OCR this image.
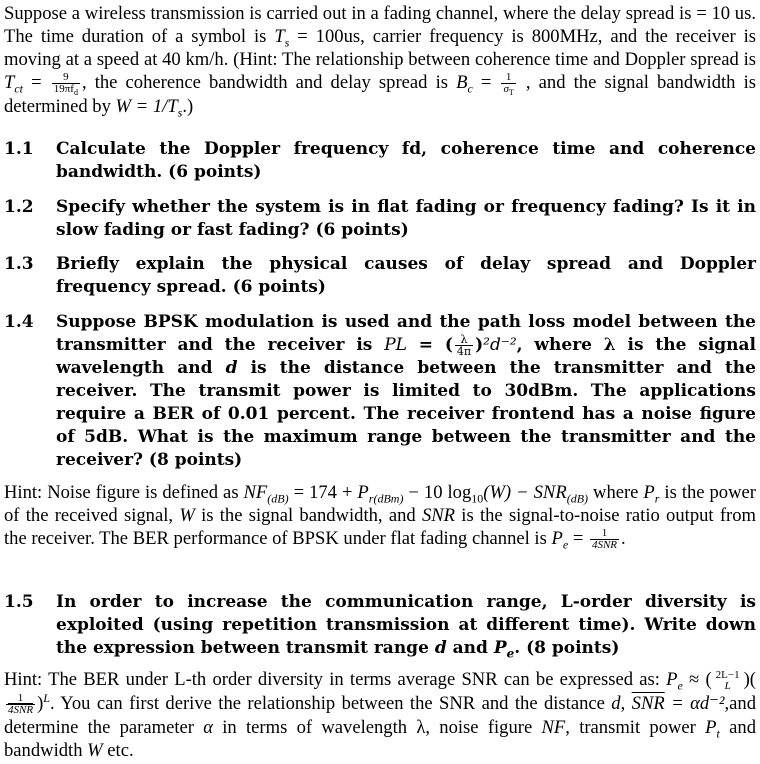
Suppose a wireless transmission is carried out in a fading channel, where the delay spread is = 10 us. The time duration of a symbol is $T_s = 100us$, carrier frequency is 800MHz, and the receiver is moving at a speed at 40 km/h. (Hint: The relationship between coherence time and Doppler spread is $T_{ct} = \frac{9}{19\pi f_d}$ , the coherence bandwidth and delay spread is $B_c = \frac{1}{\sigma_T}$ , and the signal bandwidth is determined by $W = 1/T_s$.)
1.1	Calculate the Doppler frequency fd, coherence time and coherence bandwidth. (6 points)
1.2	Specify whether the system is in flat fading or frequency fading? Is it in slow fading or fast fading? (6 points)
1.3	Briefly explain the physical causes of delay spread and Doppler frequency spread. (6 points)
1.4	Suppose BPSK modulation is used and the path loss model between the transmitter and the receiver is PL = ( $\frac{\lambda}{4\pi} )^2d^{-2}$, where λ is the signal wavelength and d is the distance between the transmitter and the receiver. The transmit power is limited to 30dBm. The applications require a BER of 0.01 percent. The receiver frontend has a noise figure of 5dB. What is the maximum range between the transmitter and the receiver? (8 points)
Hint: Noise figure is defined as $NF_{(dB)} = 174 + P_{r(dBm)} - 10$ $\log_{10}(W) - SNR_{(dB)}$ where $P_r$ is the power of the received signal, W is the signal bandwidth, and SNR is the signal-to-noise ratio output from the receiver. The BER performance of BPSK under flat fading channel is $P_e = \frac{1}{\text{4SNR}}$ .
1.5	In order to increase the communication range, L-order diversity is exploited (using repetition transmission at different time). Write down the expression between transmit range d and $P_e$. (8 points)
Hint: The BER under L-th order diversity in terms average SNR can be expressed as: $P_e$ ≈ ( 2L−1
L )(
$\frac{1}{\text{4SNR}} )^L$. You can first derive the relationship between the SNR and the distance d, $\overline{SNR} = \alpha d^{-2},and$ determine the parameter α in terms of wavelength λ, noise figure NF, transmit power $P_t$ and bandwidth W etc.
